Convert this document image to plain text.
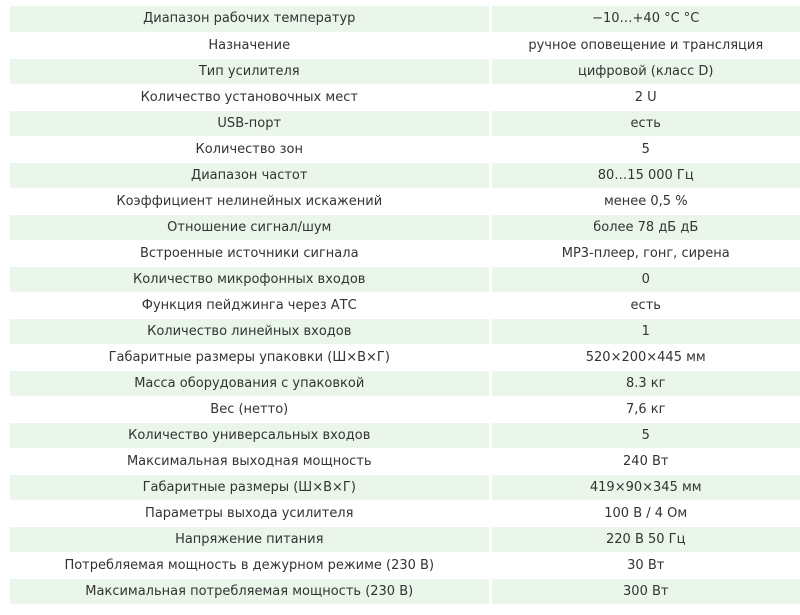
Диапазон рабочих температур	−10…+40 °С °С
Назначение	ручное оповещение и трансляция
Тип усилителя	цифровой (класс D)
Количество установочных мест	2 U
USB-порт	есть
Количество зон	5
Диапазон частот	80…15 000 Гц
Коэффициент нелинейных искажений	менее 0,5 %
Отношение сигнал/шум	более 78 дБ дБ
Встроенные источники сигнала	МР3-плеер, гонг, сирена
Количество микрофонных входов	0
Функция пейджинга через АТС	есть
Количество линейных входов	1
Габаритные размеры упаковки (Ш×В×Г)	520×200×445 мм
Масса оборудования с упаковкой	8.3 кг
Вес (нетто)	7,6 кг
Количество универсальных входов	5
Максимальная выходная мощность	240 Вт
Габаритные размеры (Ш×В×Г)	419×90×345 мм
Параметры выхода усилителя	100 В / 4 Ом
Напряжение питания	220 В 50 Гц
Потребляемая мощность в дежурном режиме (230 В)	30 Вт
Максимальная потребляемая мощность (230 В)	300 Вт
